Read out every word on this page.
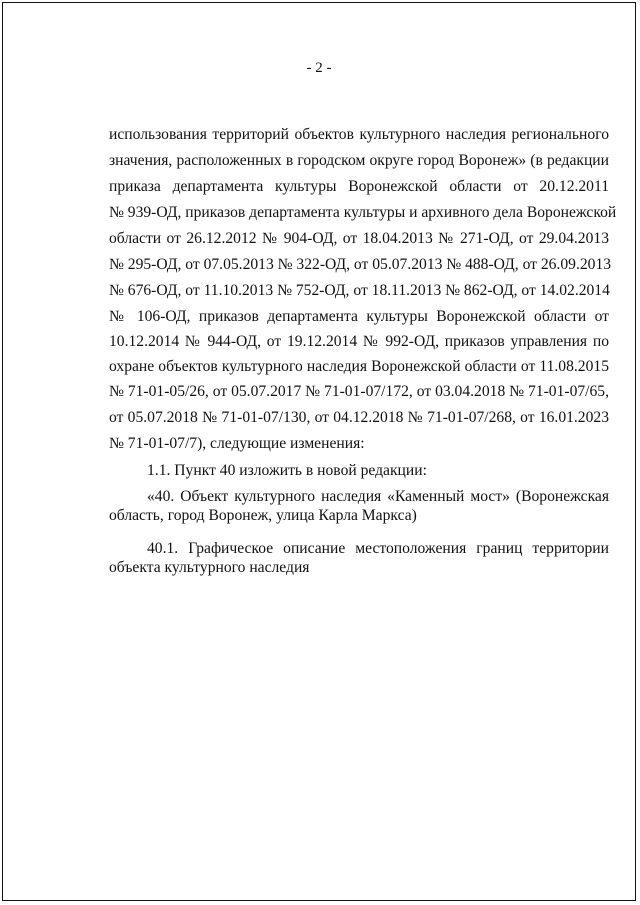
- 2 -
использования территорий объектов культурного наследия регионального
значения, расположенных в городском округе город Воронеж» (в редакции
приказа департамента культуры Воронежской области от 20.12.2011
№ 939-ОД, приказов департамента культуры и архивного дела Воронежской
области от 26.12.2012 № 904-ОД, от 18.04.2013 № 271-ОД, от 29.04.2013
№ 295-ОД, от 07.05.2013 № 322-ОД, от 05.07.2013 № 488-ОД, от 26.09.2013
№ 676-ОД, от 11.10.2013 № 752-ОД, от 18.11.2013 № 862-ОД, от 14.02.2014
№ 106-ОД, приказов департамента культуры Воронежской области от
10.12.2014 № 944-ОД, от 19.12.2014 № 992-ОД, приказов управления по
охране объектов культурного наследия Воронежской области от 11.08.2015
№ 71-01-05/26, от 05.07.2017 № 71-01-07/172, от 03.04.2018 № 71-01-07/65,
от 05.07.2018 № 71-01-07/130, от 04.12.2018 № 71-01-07/268, от 16.01.2023
№ 71-01-07/7), следующие изменения:
1.1. Пункт 40 изложить в новой редакции:
«40. Объект культурного наследия «Каменный мост» (Воронежская
область, город Воронеж, улица Карла Маркса)
40.1. Графическое описание местоположения границ территории
объекта культурного наследия
